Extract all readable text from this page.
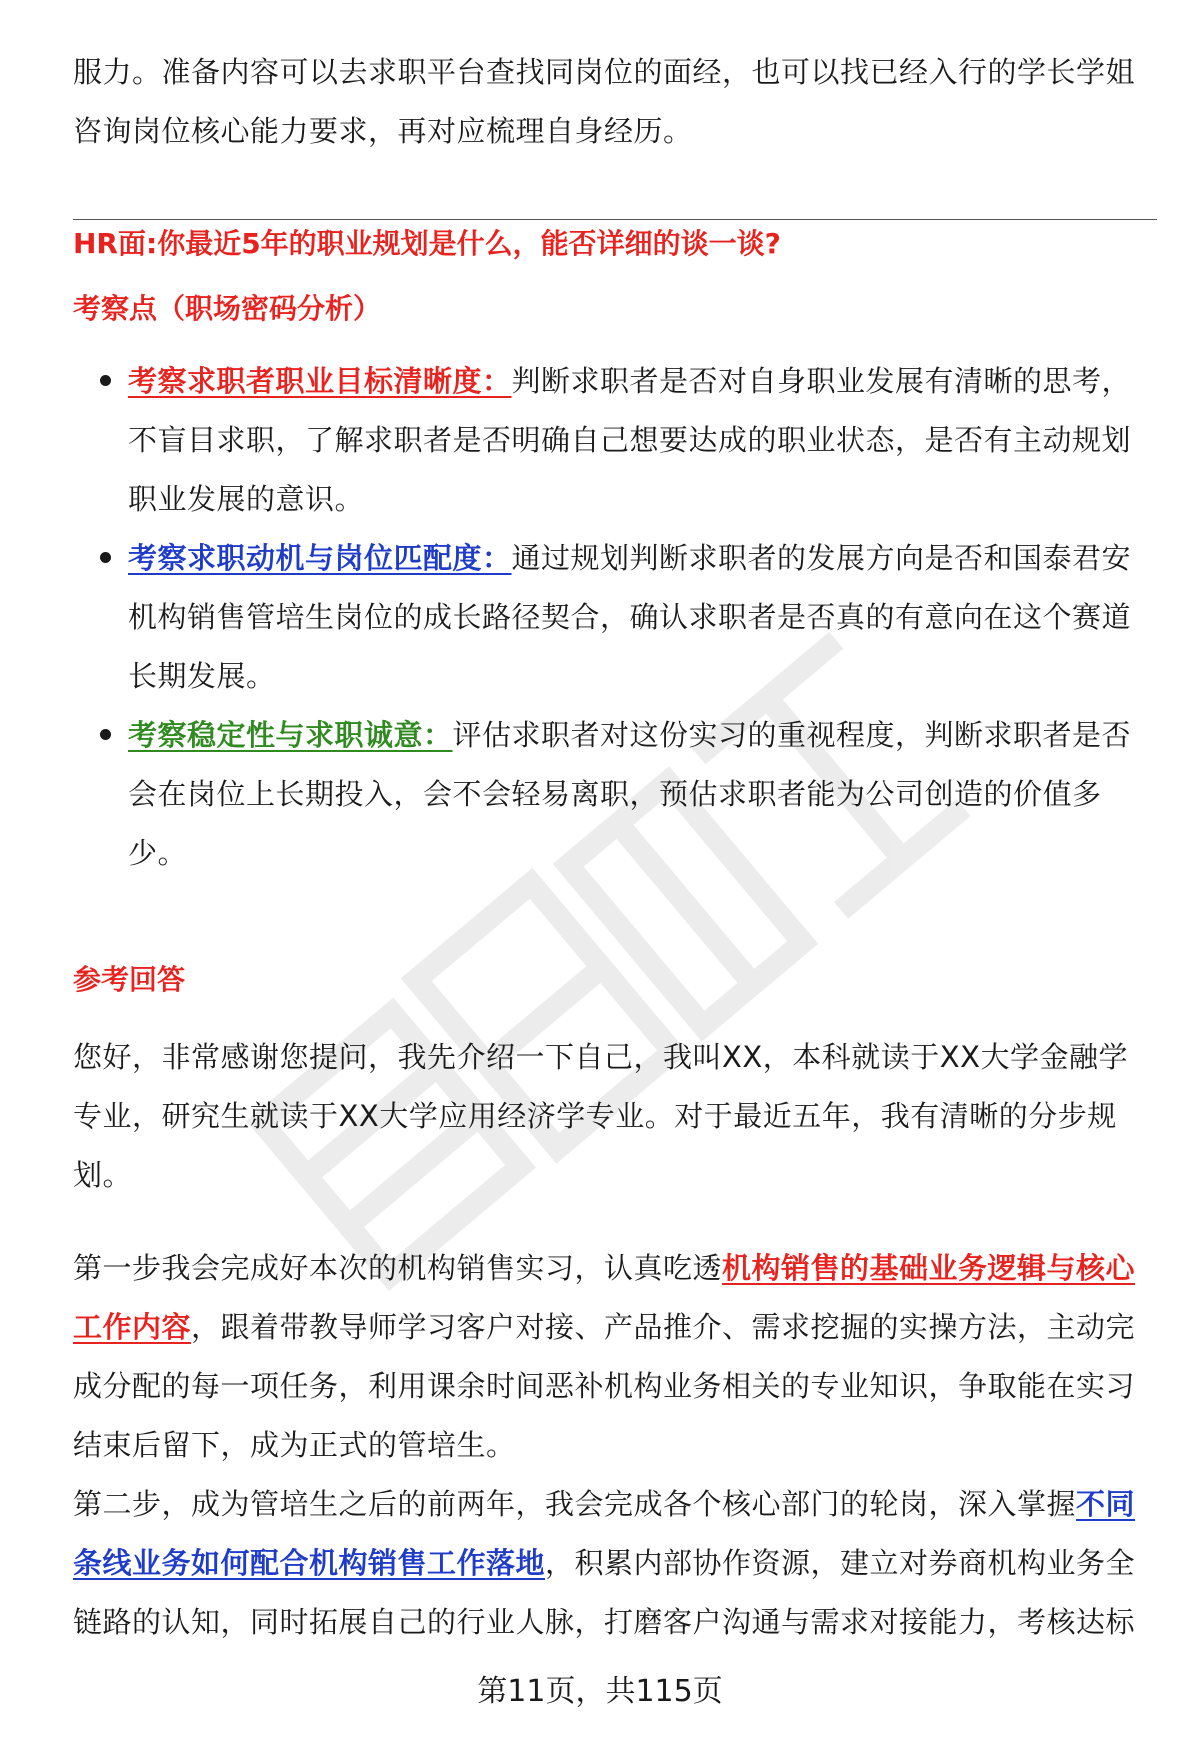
服力。准备内容可以去求职平台查找同岗位的面经，也可以找已经入行的学长学姐咨询岗位核心能力要求，再对应梳理自身经历。
HR面:你最近5年的职业规划是什么，能否详细的谈一谈?
考察点（职场密码分析）
考察求职者职业目标清晰度：判断求职者是否对自身职业发展有清晰的思考，不盲目求职，了解求职者是否明确自己想要达成的职业状态，是否有主动规划职业发展的意识。
考察求职动机与岗位匹配度：通过规划判断求职者的发展方向是否和国泰君安机构销售管培生岗位的成长路径契合，确认求职者是否真的有意向在这个赛道长期发展。
考察稳定性与求职诚意：评估求职者对这份实习的重视程度，判断求职者是否会在岗位上长期投入，会不会轻易离职，预估求职者能为公司创造的价值多少。
参考回答
您好，非常感谢您提问，我先介绍一下自己，我叫XX，本科就读于XX大学金融学专业，研究生就读于XX大学应用经济学专业。对于最近五年，我有清晰的分步规划。
第一步我会完成好本次的机构销售实习，认真吃透机构销售的基础业务逻辑与核心工作内容，跟着带教导师学习客户对接、产品推介、需求挖掘的实操方法，主动完成分配的每一项任务，利用课余时间恶补机构业务相关的专业知识，争取能在实习结束后留下，成为正式的管培生。
第二步，成为管培生之后的前两年，我会完成各个核心部门的轮岗，深入掌握不同条线业务如何配合机构销售工作落地，积累内部协作资源，建立对券商机构业务全链路的认知，同时拓展自己的行业人脉，打磨客户沟通与需求对接能力，考核达标
第11页，共115页
